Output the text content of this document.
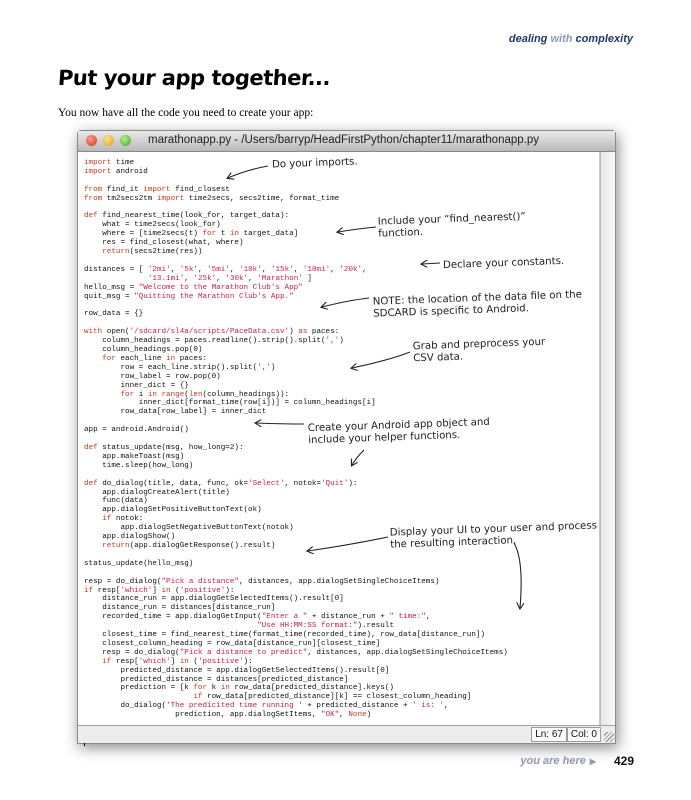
dealing with complexity
Put your app together...
You now have all the code you need to create your app:
marathonapp.py - /Users/barryp/HeadFirstPython/chapter11/marathonapp.py
import time
import android

from find_it import find_closest
from tm2secs2tm import time2secs, secs2time, format_time

def find_nearest_time(look_for, target_data):
what = time2secs(look_for)
where = [time2secs(t) for t in target_data]
res = find_closest(what, where)
return(secs2time(res))

distances = [ '2mi', '5k', '5mi', '10k', '15k', '10mi', '20k',
'13.1mi', '25k', '30k', 'Marathon' ]
hello_msg = "Welcome to the Marathon Club's App"
quit_msg = "Quitting the Marathon Club's App."

row_data = {}

with open('/sdcard/sl4a/scripts/PaceData.csv') as paces:
column_headings = paces.readline().strip().split(',')
column_headings.pop(0)
for each_line in paces:
row = each_line.strip().split(',')
row_label = row.pop(0)
inner_dict = {}
for i in range(len(column_headings)):
inner_dict[format_time(row[i])] = column_headings[i]
row_data[row_label] = inner_dict

app = android.Android()

def status_update(msg, how_long=2):
app.makeToast(msg)
time.sleep(how_long)

def do_dialog(title, data, func, ok='Select', notok='Quit'):
app.dialogCreateAlert(title)
func(data)
app.dialogSetPositiveButtonText(ok)
if notok:
app.dialogSetNegativeButtonText(notok)
app.dialogShow()
return(app.dialogGetResponse().result)

status_update(hello_msg)

resp = do_dialog("Pick a distance", distances, app.dialogSetSingleChoiceItems)
if resp['which'] in ('positive'):
distance_run = app.dialogGetSelectedItems().result[0]
distance_run = distances[distance_run]
recorded_time = app.dialogGetInput("Enter a " + distance_run + " time:",
"Use HH:MM:SS format:").result
closest_time = find_nearest_time(format_time(recorded_time), row_data[distance_run])
closest_column_heading = row_data[distance_run][closest_time]
resp = do_dialog("Pick a distance to predict", distances, app.dialogSetSingleChoiceItems)
if resp['which'] in ('positive'):
predicted_distance = app.dialogGetSelectedItems().result[0]
predicted_distance = distances[predicted_distance]
prediction = [k for k in row_data[predicted_distance].keys()
if row_data[predicted_distance][k] == closest_column_heading]
do_dialog('The predicited time running ' + predicted_distance + ' is: ',
prediction, app.dialogSetItems, "OK", None)

Ln: 67 Col: 0
Do your imports.
Include your “find_nearest()”
function.
Declare your constants.
NOTE: the location of the data file on the
SDCARD is specific to Android.
Grab and preprocess your
CSV data.
Create your Android app object and
include your helper functions.
Display your UI to your user and process
the resulting interaction.
you are here ▶ 429
